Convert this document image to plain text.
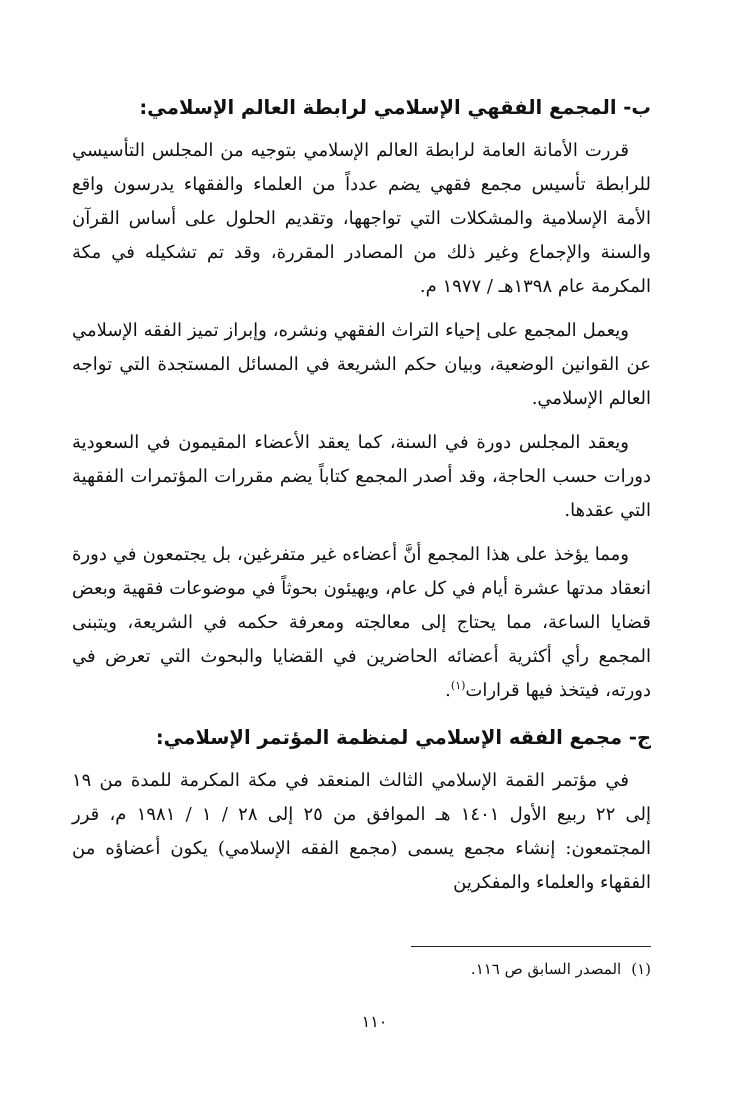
ب- المجمع الفقهي الإسلامي لرابطة العالم الإسلامي:

قررت الأمانة العامة لرابطة العالم الإسلامي بتوجيه من المجلس التأسيسي للرابطة تأسيس مجمع فقهي يضم عدداً من العلماء والفقهاء يدرسون واقع الأمة الإسلامية والمشكلات التي تواجهها، وتقديم الحلول على أساس القرآن والسنة والإجماع وغير ذلك من المصادر المقررة، وقد تم تشكيله في مكة المكرمة عام ١٣٩٨هـ / ١٩٧٧ م.

ويعمل المجمع على إحياء التراث الفقهي ونشره، وإبراز تميز الفقه الإسلامي عن القوانين الوضعية، وبيان حكم الشريعة في المسائل المستجدة التي تواجه العالم الإسلامي.

ويعقد المجلس دورة في السنة، كما يعقد الأعضاء المقيمون في السعودية دورات حسب الحاجة، وقد أصدر المجمع كتاباً يضم مقررات المؤتمرات الفقهية التي عقدها.

ومما يؤخذ على هذا المجمع أنَّ أعضاءه غير متفرغين، بل يجتمعون في دورة انعقاد مدتها عشرة أيام في كل عام، ويهيئون بحوثاً في موضوعات فقهية وبعض قضايا الساعة، مما يحتاج إلى معالجته ومعرفة حكمه في الشريعة، ويتبنى المجمع رأي أكثرية أعضائه الحاضرين في القضايا والبحوث التي تعرض في دورته، فيتخذ فيها قرارات$^{(١)}$.

ج- مجمع الفقه الإسلامي لمنظمة المؤتمر الإسلامي:

في مؤتمر القمة الإسلامي الثالث المنعقد في مكة المكرمة للمدة من ١٩ إلى ٢٢ ربيع الأول ١٤٠١ هـ الموافق من ٢٥ إلى ٢٨ / ١ / ١٩٨١ م، قرر المجتمعون: إنشاء مجمع يسمى (مجمع الفقه الإسلامي) يكون أعضاؤه من الفقهاء والعلماء والمفكرين

(١)المصدر السابق ص ١١٦.
١١٠
